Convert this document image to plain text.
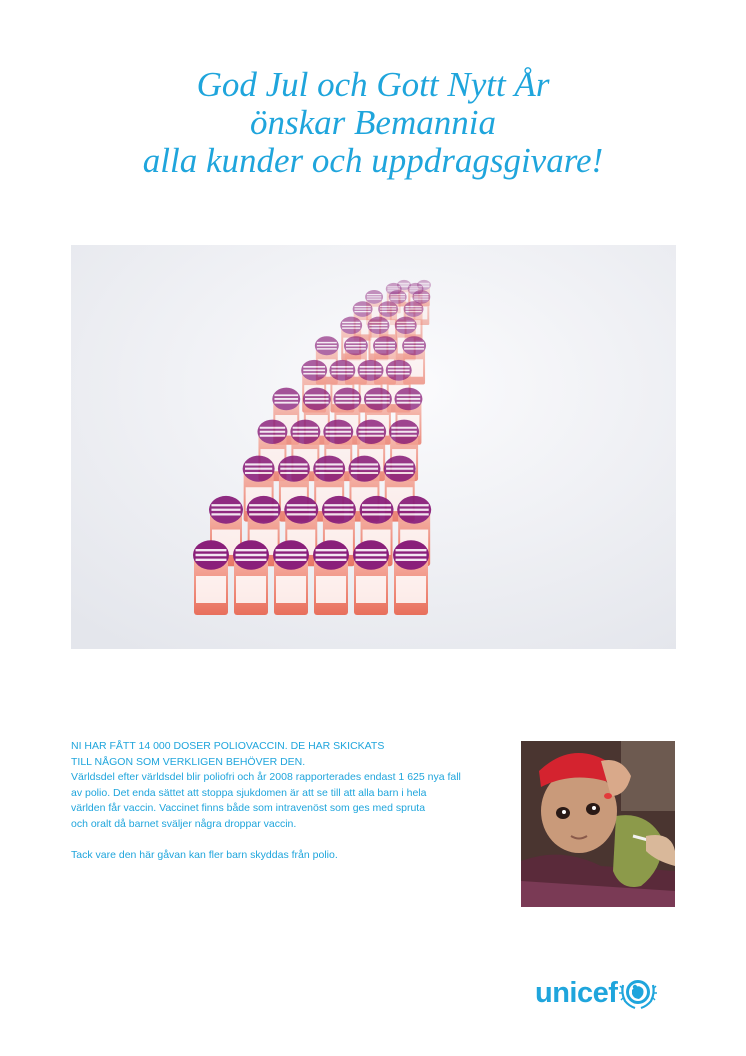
God Jul och Gott Nytt År
önskar Bemannia
alla kunder och uppdragsgivare!

NI HAR FÅTT 14 000 DOSER POLIOVACCIN. DE HAR SKICKATS

TILL NÅGON SOM VERKLIGEN BEHÖVER DEN.

Världsdel efter världsdel blir poliofri och år 2008 rapporterades endast 1 625 nya fall

av polio. Det enda sättet att stoppa sjukdomen är att se till att alla barn i hela

världen får vaccin. Vaccinet finns både som intravenöst som ges med spruta

och oralt då barnet sväljer några droppar vaccin.

Tack vare den här gåvan kan fler barn skyddas från polio.

unicef
